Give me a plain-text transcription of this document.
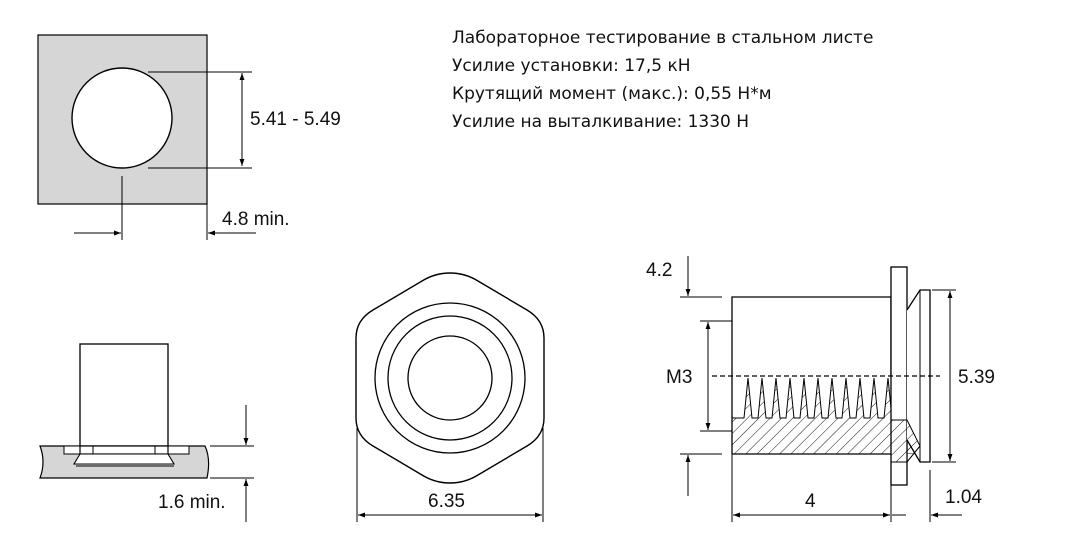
Лабораторное тестирование в стальном листе
Усилие установки: 17,5 кН
Крутящий момент (макс.): 0,55 Н*м
Усилие на выталкивание: 1330 Н
5.41 - 5.49
4.8 min.
1.6 min.	6.35
4.2
M3	5.39
4	1.04
